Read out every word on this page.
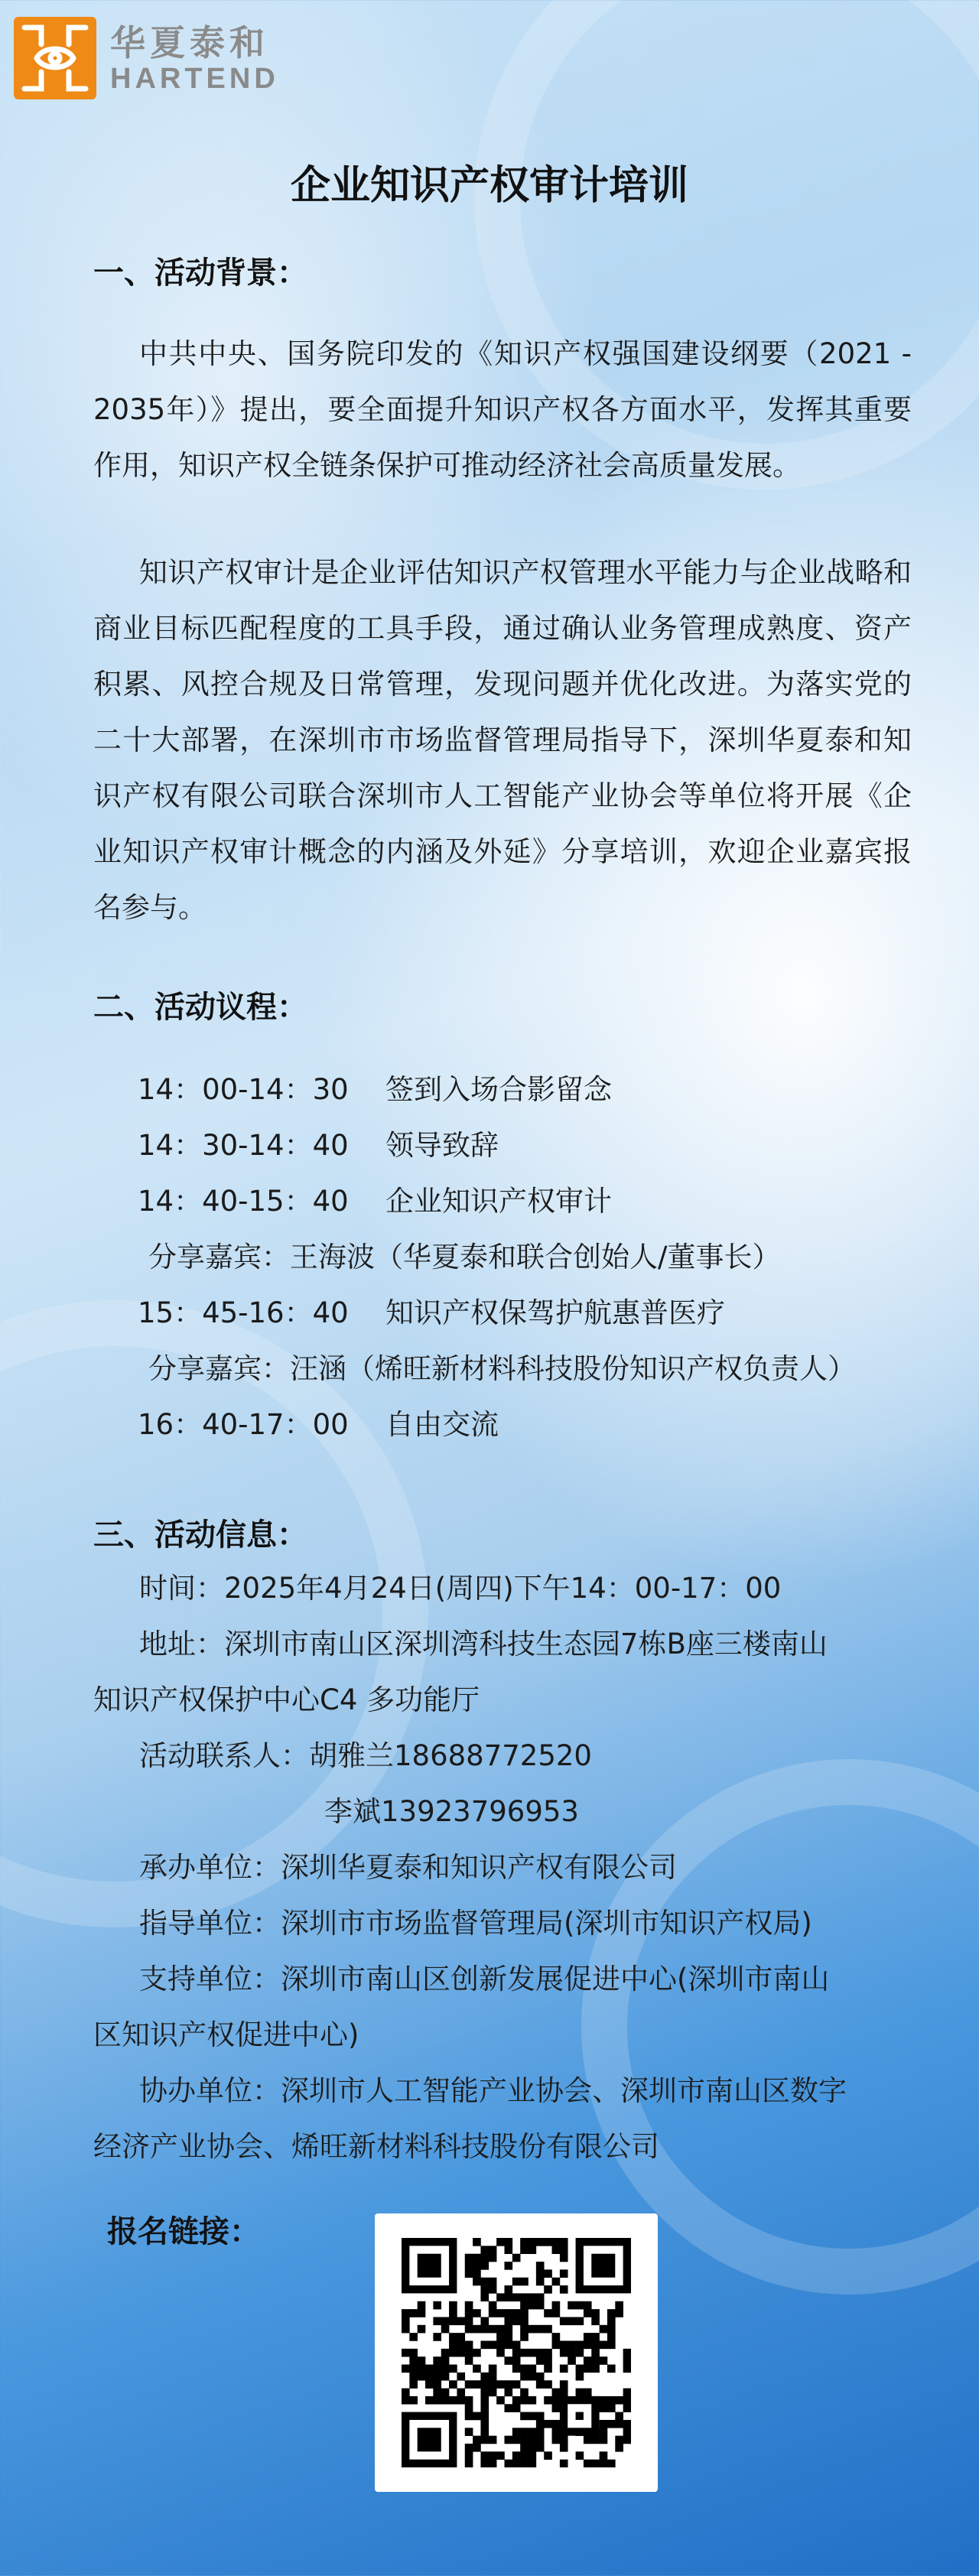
华夏泰和
HARTEND
企业知识产权审计培训
一、活动背景：
中共中央、国务院印发的《知识产权强国建设纲要（2021 - 2035年）》提出，要全面提升知识产权各方面水平，发挥其重要作用，知识产权全链条保护可推动经济社会高质量发展。
知识产权审计是企业评估知识产权管理水平能力与企业战略和商业目标匹配程度的工具手段，通过确认业务管理成熟度、资产积累、风控合规及日常管理，发现问题并优化改进。为落实党的二十大部署，在深圳市市场监督管理局指导下，深圳华夏泰和知识产权有限公司联合深圳市人工智能产业协会等单位将开展《企业知识产权审计概念的内涵及外延》分享培训，欢迎企业嘉宾报名参与。
二、活动议程：
14：00-14：30 签到入场合影留念
14：30-14：40 领导致辞
14：40-15：40 企业知识产权审计
分享嘉宾：王海波（华夏泰和联合创始人/董事长）
15：45-16：40 知识产权保驾护航惠普医疗
分享嘉宾：汪涵（烯旺新材料科技股份知识产权负责人）
16：40-17：00 自由交流
三、活动信息：
时间：2025年4月24日(周四)下午14：00-17：00
地址：深圳市南山区深圳湾科技生态园7栋B座三楼南山
知识产权保护中心C4 多功能厅
活动联系人：胡雅兰18688772520
李斌13923796953
承办单位：深圳华夏泰和知识产权有限公司
指导单位：深圳市市场监督管理局(深圳市知识产权局)
支持单位：深圳市南山区创新发展促进中心(深圳市南山
区知识产权促进中心)
协办单位：深圳市人工智能产业协会、深圳市南山区数字
经济产业协会、烯旺新材料科技股份有限公司
报名链接：
